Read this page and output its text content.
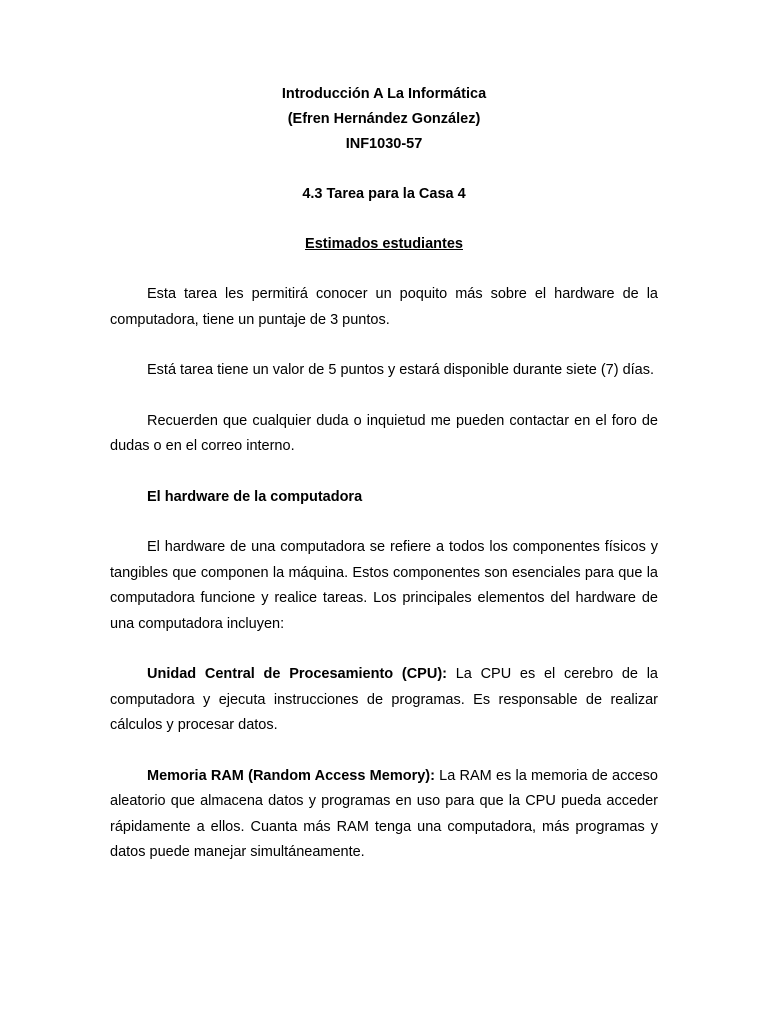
Introducción A La Informática
(Efren Hernández González)
INF1030-57
4.3 Tarea para la Casa 4
Estimados estudiantes

Esta tarea les permitirá conocer un poquito más sobre el hardware de la computadora, tiene un puntaje de 3 puntos.

Está tarea tiene un valor de 5 puntos y estará disponible durante siete (7) días.

Recuerden que cualquier duda o inquietud me pueden contactar en el foro de dudas o en el correo interno.

El hardware de la computadora

El hardware de una computadora se refiere a todos los componentes físicos y tangibles que componen la máquina. Estos componentes son esenciales para que la computadora funcione y realice tareas. Los principales elementos del hardware de una computadora incluyen:

Unidad Central de Procesamiento (CPU): La CPU es el cerebro de la computadora y ejecuta instrucciones de programas. Es responsable de realizar cálculos y procesar datos.

Memoria RAM (Random Access Memory): La RAM es la memoria de acceso aleatorio que almacena datos y programas en uso para que la CPU pueda acceder rápidamente a ellos. Cuanta más RAM tenga una computadora, más programas y datos puede manejar simultáneamente.
